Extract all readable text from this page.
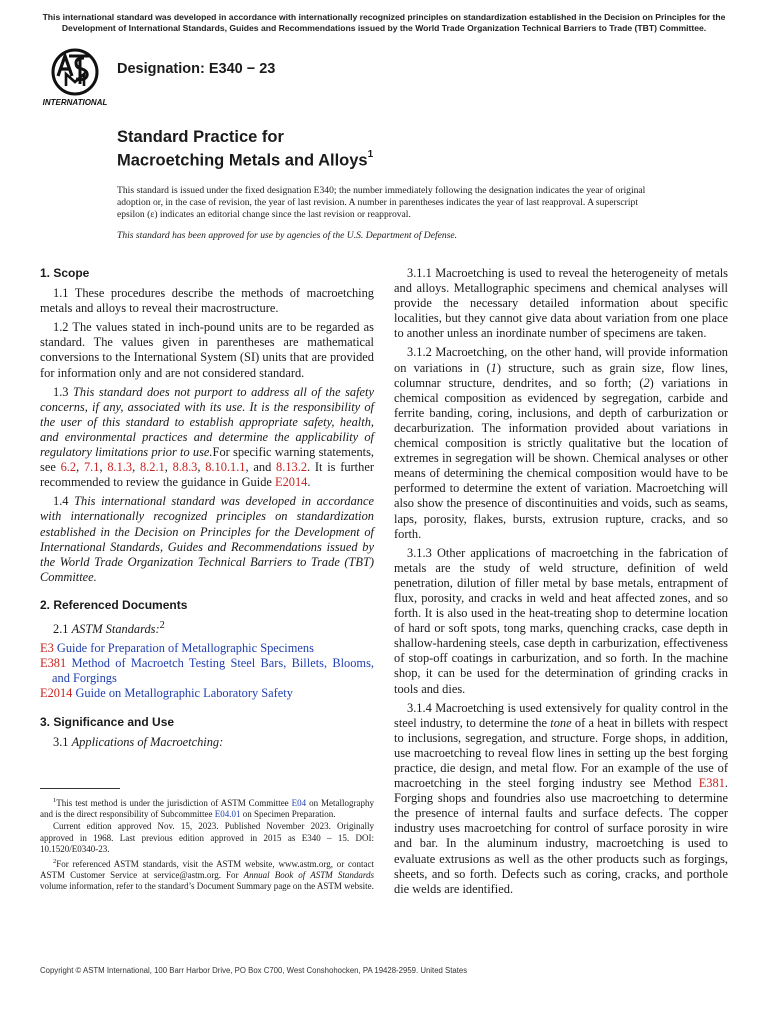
This international standard was developed in accordance with internationally recognized principles on standardization established in the Decision on Principles for the Development of International Standards, Guides and Recommendations issued by the World Trade Organization Technical Barriers to Trade (TBT) Committee.
INTERNATIONAL
Designation: E340 − 23
Standard Practice for
Macroetching Metals and Alloys$^1$
This standard is issued under the fixed designation E340; the number immediately following the designation indicates the year of original adoption or, in the case of revision, the year of last revision. A number in parentheses indicates the year of last reapproval. A superscript epsilon (ε) indicates an editorial change since the last revision or reapproval.
This standard has been approved for use by agencies of the U.S. Department of Defense.
1. Scope

1.1 These procedures describe the methods of macroetching metals and alloys to reveal their macrostructure.

1.2 The values stated in inch-pound units are to be regarded as standard. The values given in parentheses are mathematical conversions to the International System (SI) units that are provided for information only and are not considered standard.

1.3 This standard does not purport to address all of the safety concerns, if any, associated with its use. It is the responsibility of the user of this standard to establish appropriate safety, health, and environmental practices and determine the applicability of regulatory limitations prior to use.For specific warning statements, see 6.2, 7.1, 8.1.3, 8.2.1, 8.8.3, 8.10.1.1, and 8.13.2. It is further recommended to review the guidance in Guide E2014.

1.4 This international standard was developed in accordance with internationally recognized principles on standardization established in the Decision on Principles for the Development of International Standards, Guides and Recommendations issued by the World Trade Organization Technical Barriers to Trade (TBT) Committee.

2. Referenced Documents

2.1 ASTM Standards:$^2$

E3 Guide for Preparation of Metallographic Specimens
E381 Method of Macroetch Testing Steel Bars, Billets, Blooms, and Forgings
E2014 Guide on Metallographic Laboratory Safety
3. Significance and Use

3.1 Applications of Macroetching:

3.1.1 Macroetching is used to reveal the heterogeneity of metals and alloys. Metallographic specimens and chemical analyses will provide the necessary detailed information about specific localities, but they cannot give data about variation from one place to another unless an inordinate number of specimens are taken.

3.1.2 Macroetching, on the other hand, will provide information on variations in (1) structure, such as grain size, flow lines, columnar structure, dendrites, and so forth; (2) variations in chemical composition as evidenced by segregation, carbide and ferrite banding, coring, inclusions, and depth of carburization or decarburization. The information provided about variations in chemical composition is strictly qualitative but the location of extremes in segregation will be shown. Chemical analyses or other means of determining the chemical composition would have to be performed to determine the extent of variation. Macroetching will also show the presence of discontinuities and voids, such as seams, laps, porosity, flakes, bursts, extrusion rupture, cracks, and so forth.

3.1.3 Other applications of macroetching in the fabrication of metals are the study of weld structure, definition of weld penetration, dilution of filler metal by base metals, entrapment of flux, porosity, and cracks in weld and heat affected zones, and so forth. It is also used in the heat-treating shop to determine location of hard or soft spots, tong marks, quenching cracks, case depth in shallow-hardening steels, case depth in carburization, effectiveness of stop-off coatings in carburization, and so forth. In the machine shop, it can be used for the determination of grinding cracks in tools and dies.

3.1.4 Macroetching is used extensively for quality control in the steel industry, to determine the tone of a heat in billets with respect to inclusions, segregation, and structure. Forge shops, in addition, use macroetching to reveal flow lines in setting up the best forging practice, die design, and metal flow. For an example of the use of macroetching in the steel forging industry see Method E381. Forging shops and foundries also use macroetching to determine the presence of internal faults and surface defects. The copper industry uses macroetching for control of surface porosity in wire and bar. In the aluminum industry, macroetching is used to evaluate extrusions as well as the other products such as forgings, sheets, and so forth. Defects such as coring, cracks, and porthole die welds are identified.

$^1$This test method is under the jurisdiction of ASTM Committee E04 on Metallography and is the direct responsibility of Subcommittee E04.01 on Specimen Preparation.

Current edition approved Nov. 15, 2023. Published November 2023. Originally approved in 1968. Last previous edition approved in 2015 as E340 – 15. DOI: 10.1520/E0340-23.

$^2$For referenced ASTM standards, visit the ASTM website, www.astm.org, or contact ASTM Customer Service at service@astm.org. For Annual Book of ASTM Standards volume information, refer to the standard’s Document Summary page on the ASTM website.

Copyright © ASTM International, 100 Barr Harbor Drive, PO Box C700, West Conshohocken, PA 19428-2959. United States
